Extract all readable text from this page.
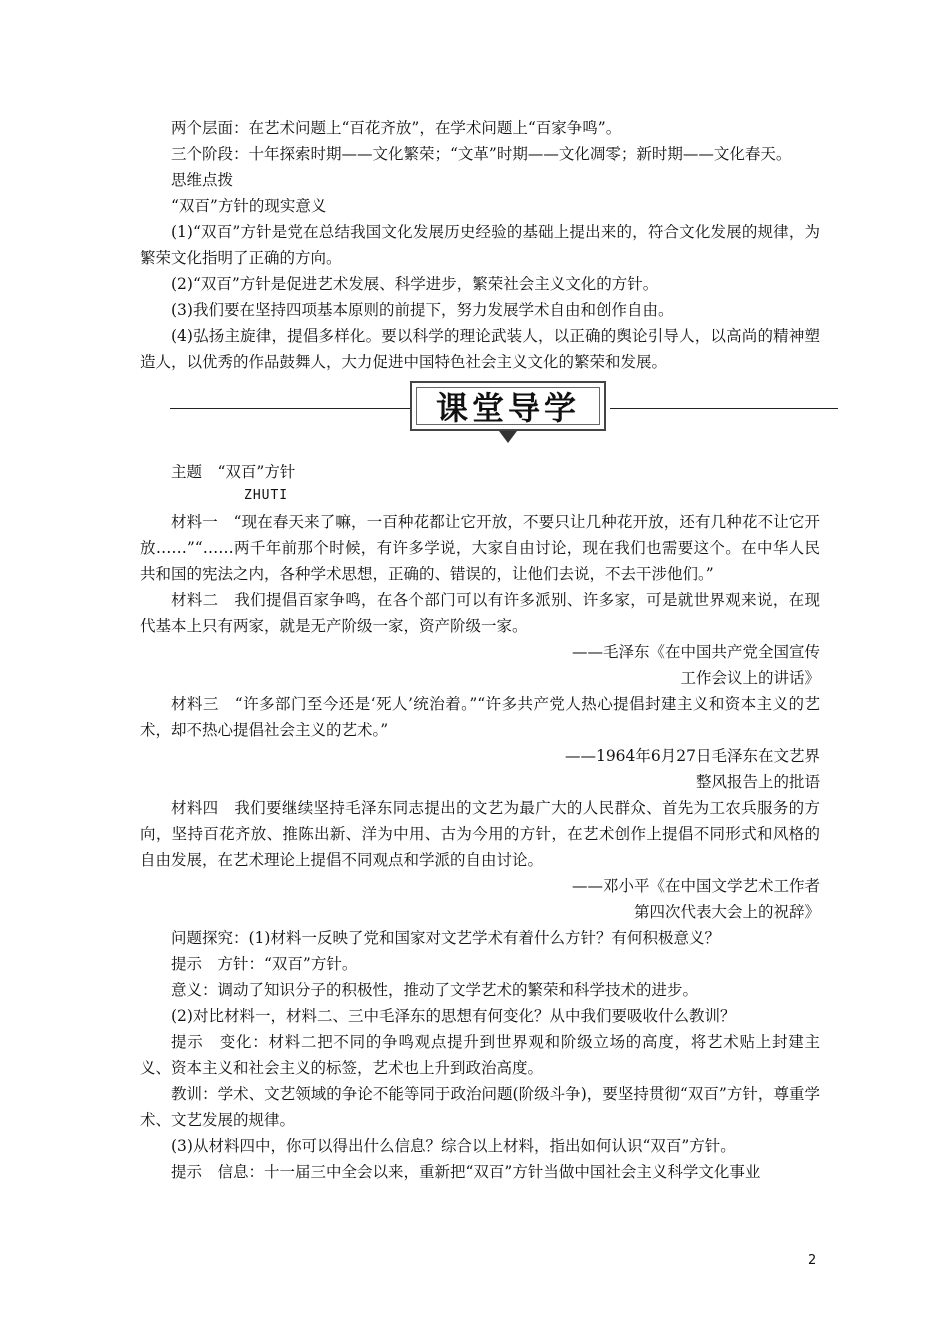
两个层面：在艺术问题上“百花齐放”，在学术问题上“百家争鸣”。

三个阶段：十年探索时期——文化繁荣；“文革”时期——文化凋零；新时期——文化春天。

思维点拨

“双百”方针的现实意义

(1)“双百”方针是党在总结我国文化发展历史经验的基础上提出来的，符合文化发展的规律，为繁荣文化指明了正确的方向。

(2)“双百”方针是促进艺术发展、科学进步，繁荣社会主义文化的方针。

(3)我们要在坚持四项基本原则的前提下，努力发展学术自由和创作自由。

(4)弘扬主旋律，提倡多样化。要以科学的理论武装人，以正确的舆论引导人，以高尚的精神塑造人，以优秀的作品鼓舞人，大力促进中国特色社会主义文化的繁荣和发展。

课堂导学

主题　“双百”方针

ZHUTI

材料一　“现在春天来了嘛，一百种花都让它开放，不要只让几种花开放，还有几种花不让它开放……”“……两千年前那个时候，有许多学说，大家自由讨论，现在我们也需要这个。在中华人民共和国的宪法之内，各种学术思想，正确的、错误的，让他们去说，不去干涉他们。”

材料二　我们提倡百家争鸣，在各个部门可以有许多派别、许多家，可是就世界观来说，在现代基本上只有两家，就是无产阶级一家，资产阶级一家。

——毛泽东《在中国共产党全国宣传

工作会议上的讲话》

材料三　“许多部门至今还是‘死人’统治着。”“许多共产党人热心提倡封建主义和资本主义的艺术，却不热心提倡社会主义的艺术。”

——1964年6月27日毛泽东在文艺界

整风报告上的批语

材料四　我们要继续坚持毛泽东同志提出的文艺为最广大的人民群众、首先为工农兵服务的方向，坚持百花齐放、推陈出新、洋为中用、古为今用的方针，在艺术创作上提倡不同形式和风格的自由发展，在艺术理论上提倡不同观点和学派的自由讨论。

——邓小平《在中国文学艺术工作者

第四次代表大会上的祝辞》

问题探究：(1)材料一反映了党和国家对文艺学术有着什么方针？有何积极意义？

提示　方针：“双百”方针。

意义：调动了知识分子的积极性，推动了文学艺术的繁荣和科学技术的进步。

(2)对比材料一，材料二、三中毛泽东的思想有何变化？从中我们要吸收什么教训？

提示　变化：材料二把不同的争鸣观点提升到世界观和阶级立场的高度，将艺术贴上封建主义、资本主义和社会主义的标签，艺术也上升到政治高度。

教训：学术、文艺领域的争论不能等同于政治问题(阶级斗争)，要坚持贯彻“双百”方针，尊重学术、文艺发展的规律。

(3)从材料四中，你可以得出什么信息？综合以上材料，指出如何认识“双百”方针。

提示　信息：十一届三中全会以来，重新把“双百”方针当做中国社会主义科学文化事业

2
